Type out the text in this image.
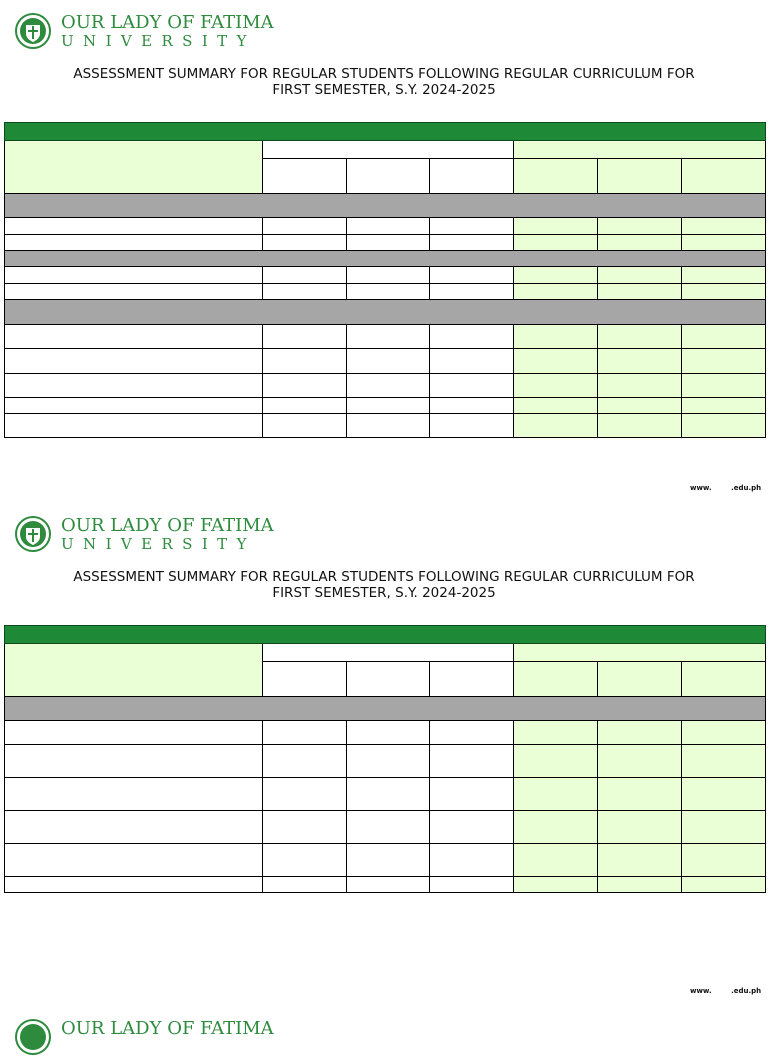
OUR LADY OF FATIMA
UNIVERSITY
ASSESSMENT SUMMARY FOR REGULAR STUDENTS FOLLOWING REGULAR CURRICULUM FOR
FIRST SEMESTER, S.Y. 2024-2025

www.        .edu.ph
OUR LADY OF FATIMA
UNIVERSITY
ASSESSMENT SUMMARY FOR REGULAR STUDENTS FOLLOWING REGULAR CURRICULUM FOR
FIRST SEMESTER, S.Y. 2024-2025

www.        .edu.ph
OUR LADY OF FATIMA
